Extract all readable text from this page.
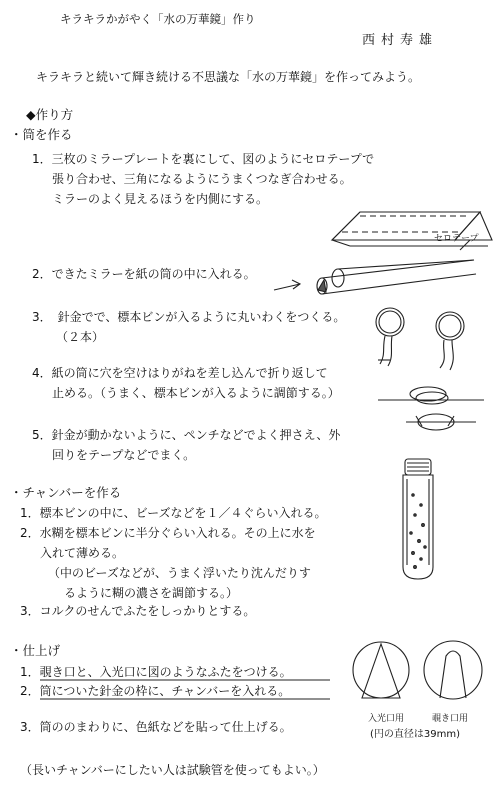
キラキラかがやく「水の万華鏡」作り
西村寿雄
キラキラと続いて輝き続ける不思議な「水の万華鏡」を作ってみよう。
◆作り方
・筒を作る
1．三枚のミラープレートを裏にして、図のようにセロテープで
張り合わせ、三角になるようにうまくつなぎ合わせる。
ミラーのよく見えるほうを内側にする。
2．できたミラーを紙の筒の中に入れる。
3．　針金でで、標本ビンが入るように丸いわくをつくる。
（２本）
4．紙の筒に穴を空けはりがねを差し込んで折り返して
止める。（うまく、標本ビンが入るように調節する。）
5．針金が動かないように、ペンチなどでよく押さえ、外
回りをテープなどでまく。
・チャンバーを作る
1．標本ビンの中に、ビーズなどを１／４ぐらい入れる。
2．水糊を標本ビンに半分ぐらい入れる。その上に水を
入れて薄める。
（中のビーズなどが、うまく浮いたり沈んだりす
るように糊の濃さを調節する。）
3．コルクのせんでふたをしっかりとする。
・仕上げ
1．覗き口と、入光口に図のようなふたをつける。
2．筒についた針金の枠に、チャンバーを入れる。
3．筒ののまわりに、色紙などを貼って仕上げる。
（長いチャンバーにしたい人は試験管を使ってもよい。）
セロテープ
入光口用	覗き口用
(円の直径は39mm)
